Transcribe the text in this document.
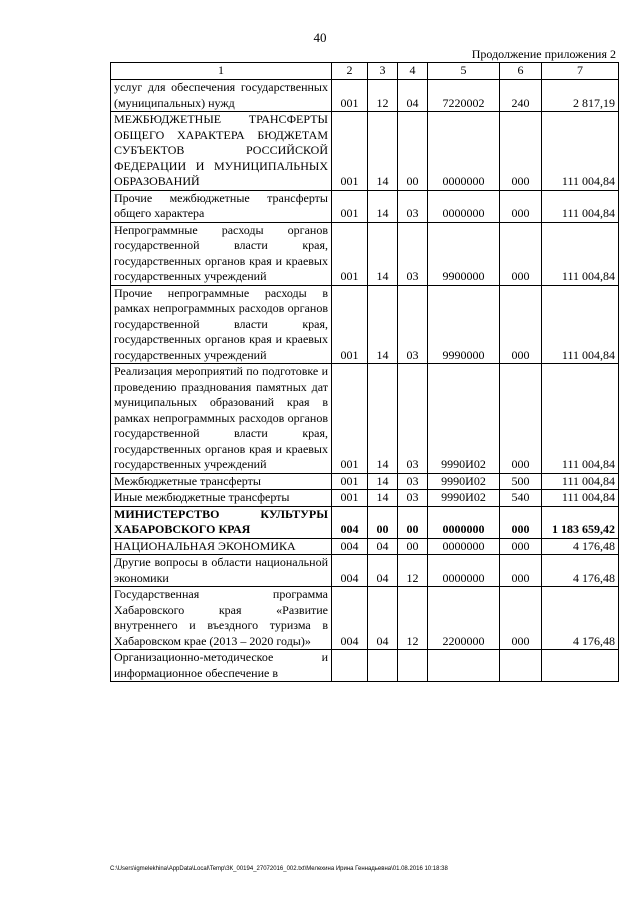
40
Продолжение приложения 2
1	2	3	4	5	6	7
услуг для обеспечения государственных (муниципальных) нужд	001	12	04	7220002	240	2 817,19
МЕЖБЮДЖЕТНЫЕ ТРАНСФЕРТЫ ОБЩЕГО ХАРАКТЕРА БЮДЖЕТАМ СУБЪЕКТОВ РОССИЙСКОЙ ФЕДЕРАЦИИ И МУНИЦИПАЛЬНЫХ ОБРАЗОВАНИЙ	001	14	00	0000000	000	111 004,84
Прочие межбюджетные трансферты общего характера	001	14	03	0000000	000	111 004,84
Непрограммные расходы органов государственной власти края, государственных органов края и краевых государственных учреждений	001	14	03	9900000	000	111 004,84
Прочие непрограммные расходы в рамках непрограммных расходов органов государственной власти края, государственных органов края и краевых государственных учреждений	001	14	03	9990000	000	111 004,84
Реализация мероприятий по подготовке и проведению празднования памятных дат муниципальных образований края в рамках непрограммных расходов органов государственной власти края, государственных органов края и краевых государственных учреждений	001	14	03	9990И02	000	111 004,84
Межбюджетные трансферты	001	14	03	9990И02	500	111 004,84
Иные межбюджетные трансферты	001	14	03	9990И02	540	111 004,84
МИНИСТЕРСТВО КУЛЬТУРЫ ХАБАРОВСКОГО КРАЯ	004	00	00	0000000	000	1 183 659,42
НАЦИОНАЛЬНАЯ ЭКОНОМИКА	004	04	00	0000000	000	4 176,48
Другие вопросы в области национальной экономики	004	04	12	0000000	000	4 176,48
Государственная программа Хабаровского края «Развитие внутреннего и въездного туризма в Хабаровском крае (2013 – 2020 годы)»	004	04	12	2200000	000	4 176,48
Организационно-методическое и информационное обеспечение в						
C:\Users\igmelekhina\AppData\Local\Temp\ЗК_00194_27072016_002.txt\Мелехина Ирина Геннадьевна\01.08.2016 10:18:38
